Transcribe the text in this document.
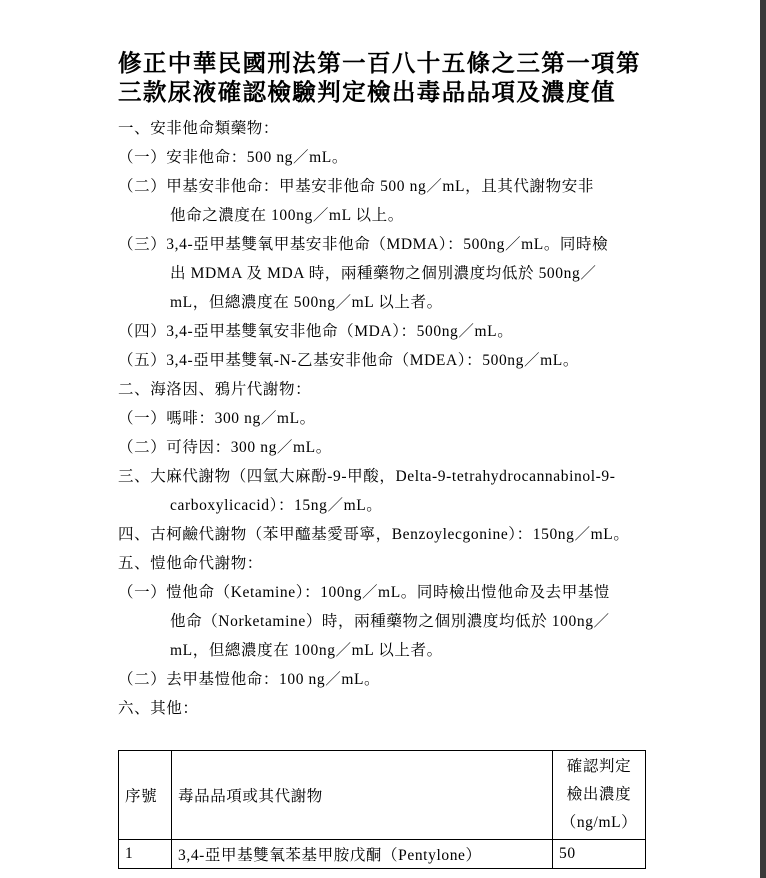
修正中華民國刑法第一百八十五條之三第一項第三款尿液確認檢驗判定檢出毒品品項及濃度值
一、安非他命類藥物：
（一）安非他命：500 ng／mL。
（二）甲基安非他命：甲基安非他命 500 ng／mL，且其代謝物安非
他命之濃度在 100ng／mL 以上。
（三）3,4-亞甲基雙氧甲基安非他命（MDMA）：500ng／mL。同時檢
出 MDMA 及 MDA 時，兩種藥物之個別濃度均低於 500ng／
mL，但總濃度在 500ng／mL 以上者。
（四）3,4-亞甲基雙氧安非他命（MDA）：500ng／mL。
（五）3,4-亞甲基雙氧-N-乙基安非他命（MDEA）：500ng／mL。
二、海洛因、鴉片代謝物：
（一）嗎啡：300 ng／mL。
（二）可待因：300 ng／mL。
三、大麻代謝物（四氫大麻酚-9-甲酸，Delta-9-tetrahydrocannabinol-9-
carboxylicacid）：15ng／mL。
四、古柯鹼代謝物（苯甲醯基愛哥寧，Benzoylecgonine）：150ng／mL。
五、愷他命代謝物：
（一）愷他命（Ketamine）：100ng／mL。同時檢出愷他命及去甲基愷
他命（Norketamine）時，兩種藥物之個別濃度均低於 100ng／
mL，但總濃度在 100ng／mL 以上者。
（二）去甲基愷他命：100 ng／mL。
六、其他：
序號	毒品品項或其代謝物	確認判定
檢出濃度
（ng/mL）

1	3,4-亞甲基雙氧苯基甲胺戊酮（Pentylone）	50
